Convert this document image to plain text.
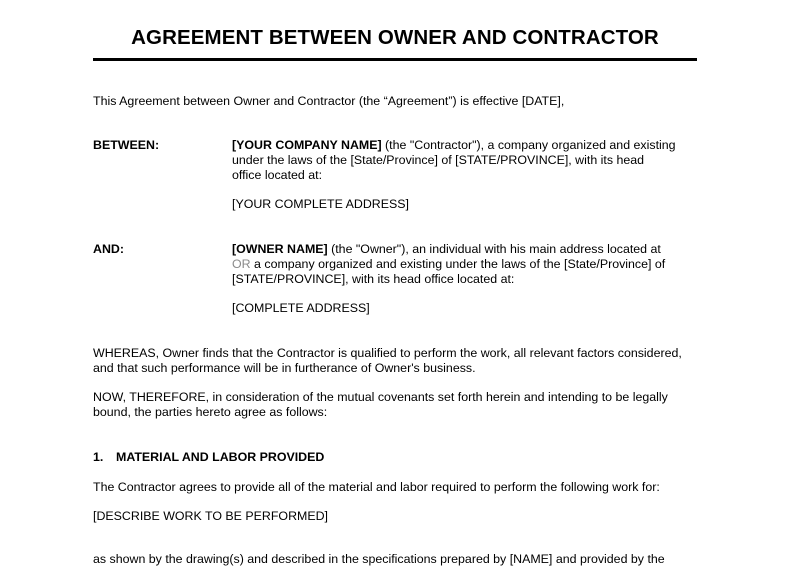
AGREEMENT BETWEEN OWNER AND CONTRACTOR
This Agreement between Owner and Contractor (the “Agreement”) is effective [DATE],
BETWEEN:	[YOUR COMPANY NAME] (the "Contractor"), a company organized and existing
under the laws of the [State/Province] of [STATE/PROVINCE], with its head
office located at:
[YOUR COMPLETE ADDRESS]
AND:	[OWNER NAME] (the "Owner"), an individual with his main address located at
OR a company organized and existing under the laws of the [State/Province] of
[STATE/PROVINCE], with its head office located at:
[COMPLETE ADDRESS]
WHEREAS, Owner finds that the Contractor is qualified to perform the work, all relevant factors considered,
and that such performance will be in furtherance of Owner's business.
NOW, THEREFORE, in consideration of the mutual covenants set forth herein and intending to be legally
bound, the parties hereto agree as follows:
1. MATERIAL AND LABOR PROVIDED
The Contractor agrees to provide all of the material and labor required to perform the following work for:
[DESCRIBE WORK TO BE PERFORMED]
as shown by the drawing(s) and described in the specifications prepared by [NAME] and provided by the
